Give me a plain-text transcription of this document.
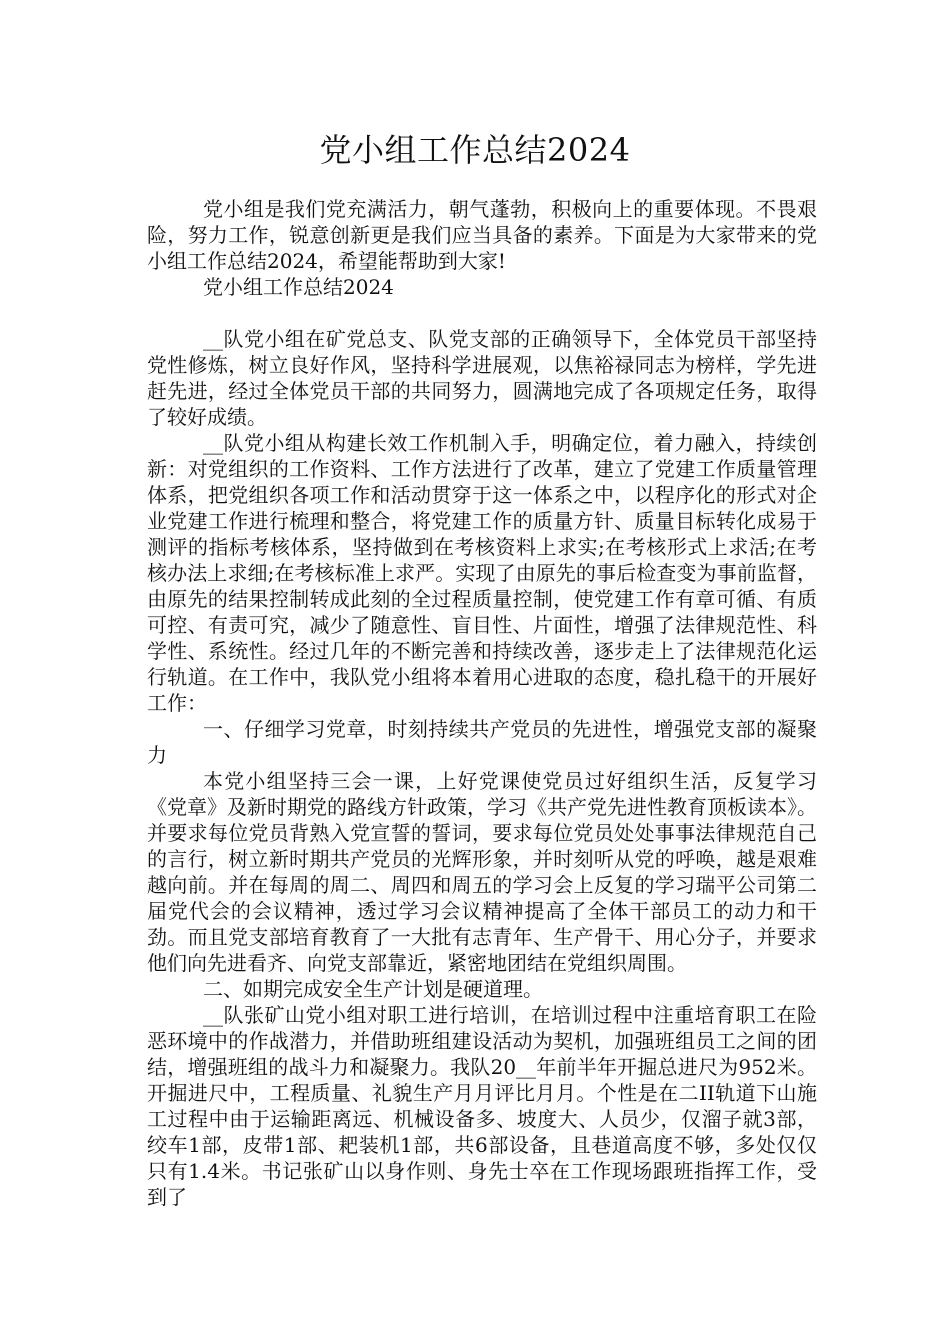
党小组工作总结2024

党小组是我们党充满活力，朝气蓬勃，积极向上的重要体现。不畏艰险，努力工作，锐意创新更是我们应当具备的素养。下面是为大家带来的党小组工作总结2024，希望能帮助到大家!

党小组工作总结2024

__队党小组在矿党总支、队党支部的正确领导下，全体党员干部坚持党性修炼，树立良好作风，坚持科学进展观，以焦裕禄同志为榜样，学先进赶先进，经过全体党员干部的共同努力，圆满地完成了各项规定任务，取得了较好成绩。

__队党小组从构建长效工作机制入手，明确定位，着力融入，持续创新：对党组织的工作资料、工作方法进行了改革，建立了党建工作质量管理体系，把党组织各项工作和活动贯穿于这一体系之中，以程序化的形式对企业党建工作进行梳理和整合，将党建工作的质量方针、质量目标转化成易于测评的指标考核体系，坚持做到在考核资料上求实;在考核形式上求活;在考核办法上求细;在考核标准上求严。实现了由原先的事后检查变为事前监督，由原先的结果控制转成此刻的全过程质量控制，使党建工作有章可循、有质可控、有责可究，减少了随意性、盲目性、片面性，增强了法律规范性、科学性、系统性。经过几年的不断完善和持续改善，逐步走上了法律规范化运行轨道。在工作中，我队党小组将本着用心进取的态度，稳扎稳干的开展好工作：

一、仔细学习党章，时刻持续共产党员的先进性，增强党支部的凝聚力

本党小组坚持三会一课，上好党课使党员过好组织生活，反复学习《党章》及新时期党的路线方针政策，学习《共产党先进性教育顶板读本》。并要求每位党员背熟入党宣誓的誓词，要求每位党员处处事事法律规范自己的言行，树立新时期共产党员的光辉形象，并时刻听从党的呼唤，越是艰难越向前。并在每周的周二、周四和周五的学习会上反复的学习瑞平公司第二届党代会的会议精神，透过学习会议精神提高了全体干部员工的动力和干劲。而且党支部培育教育了一大批有志青年、生产骨干、用心分子，并要求他们向先进看齐、向党支部靠近，紧密地团结在党组织周围。

二、如期完成安全生产计划是硬道理。

__队张矿山党小组对职工进行培训，在培训过程中注重培育职工在险恶环境中的作战潜力，并借助班组建设活动为契机，加强班组员工之间的团结，增强班组的战斗力和凝聚力。我队20__年前半年开掘总进尺为952米。开掘进尺中，工程质量、礼貌生产月月评比月月。个性是在二II轨道下山施工过程中由于运输距离远、机械设备多、坡度大、人员少，仅溜子就3部，绞车1部，皮带1部、耙装机1部，共6部设备，且巷道高度不够，多处仅仅只有1.4米。书记张矿山以身作则、身先士卒在工作现场跟班指挥工作，受到了
